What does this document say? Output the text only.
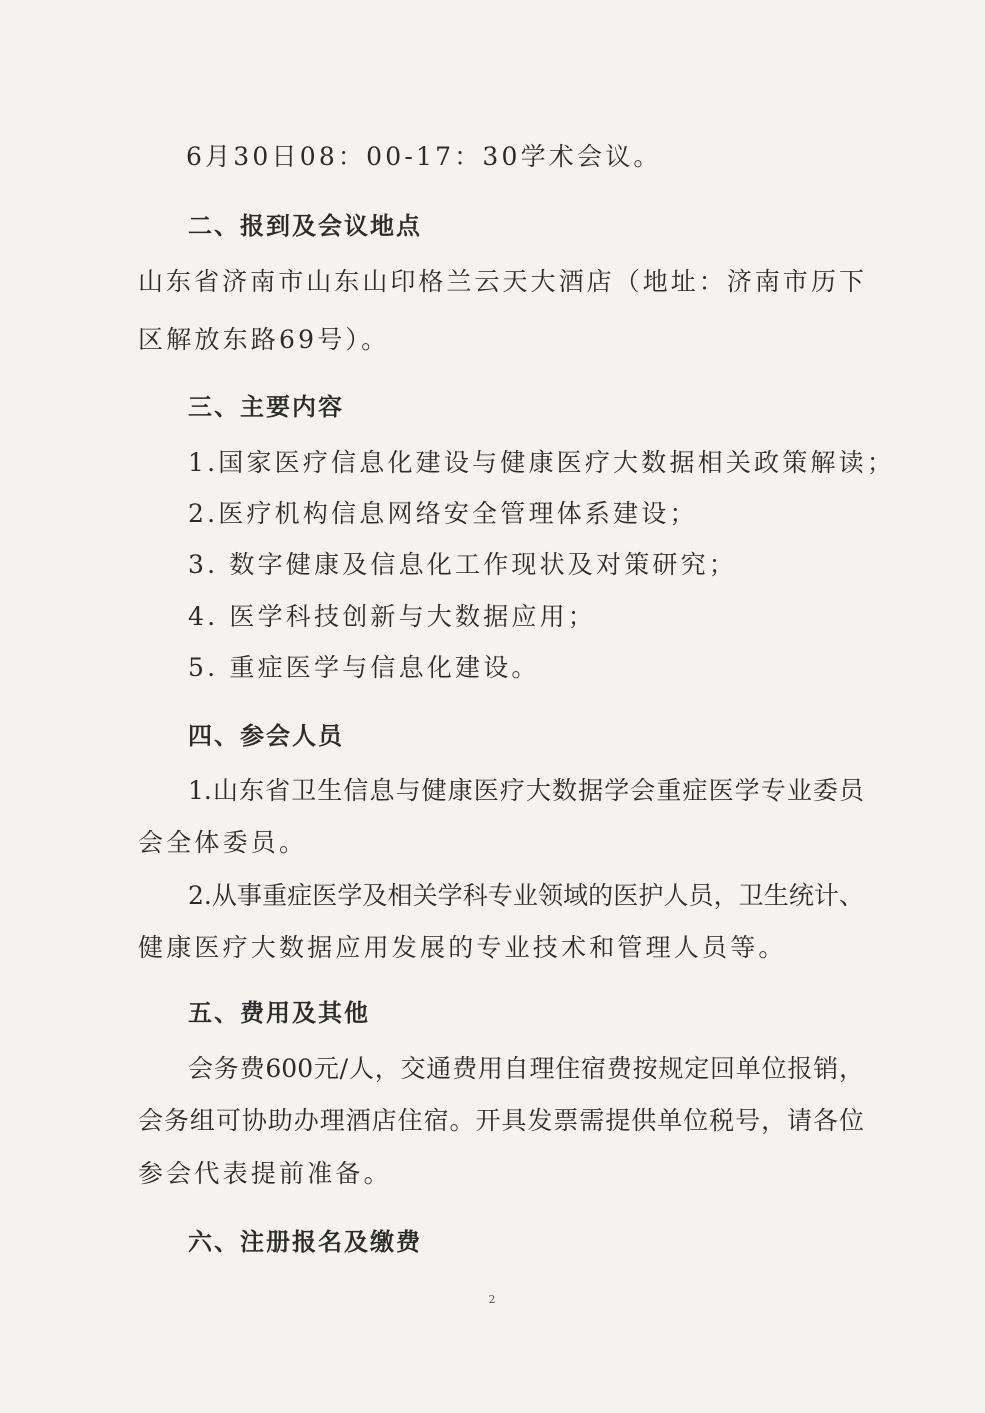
6月30日08：00-17：30学术会议。
二、报到及会议地点
山东省济南市山东山印格兰云天大酒店（地址：济南市历下
区解放东路69号）。
三、主要内容
1.国家医疗信息化建设与健康医疗大数据相关政策解读；
2.医疗机构信息网络安全管理体系建设；
3. 数字健康及信息化工作现状及对策研究；
4. 医学科技创新与大数据应用；
5. 重症医学与信息化建设。
四、参会人员
1.山东省卫生信息与健康医疗大数据学会重症医学专业委员
会全体委员。
2.从事重症医学及相关学科专业领域的医护人员，卫生统计、
健康医疗大数据应用发展的专业技术和管理人员等。
五、费用及其他
会务费600元/人，交通费用自理住宿费按规定回单位报销，
会务组可协助办理酒店住宿。开具发票需提供单位税号，请各位
参会代表提前准备。
六、注册报名及缴费
2
